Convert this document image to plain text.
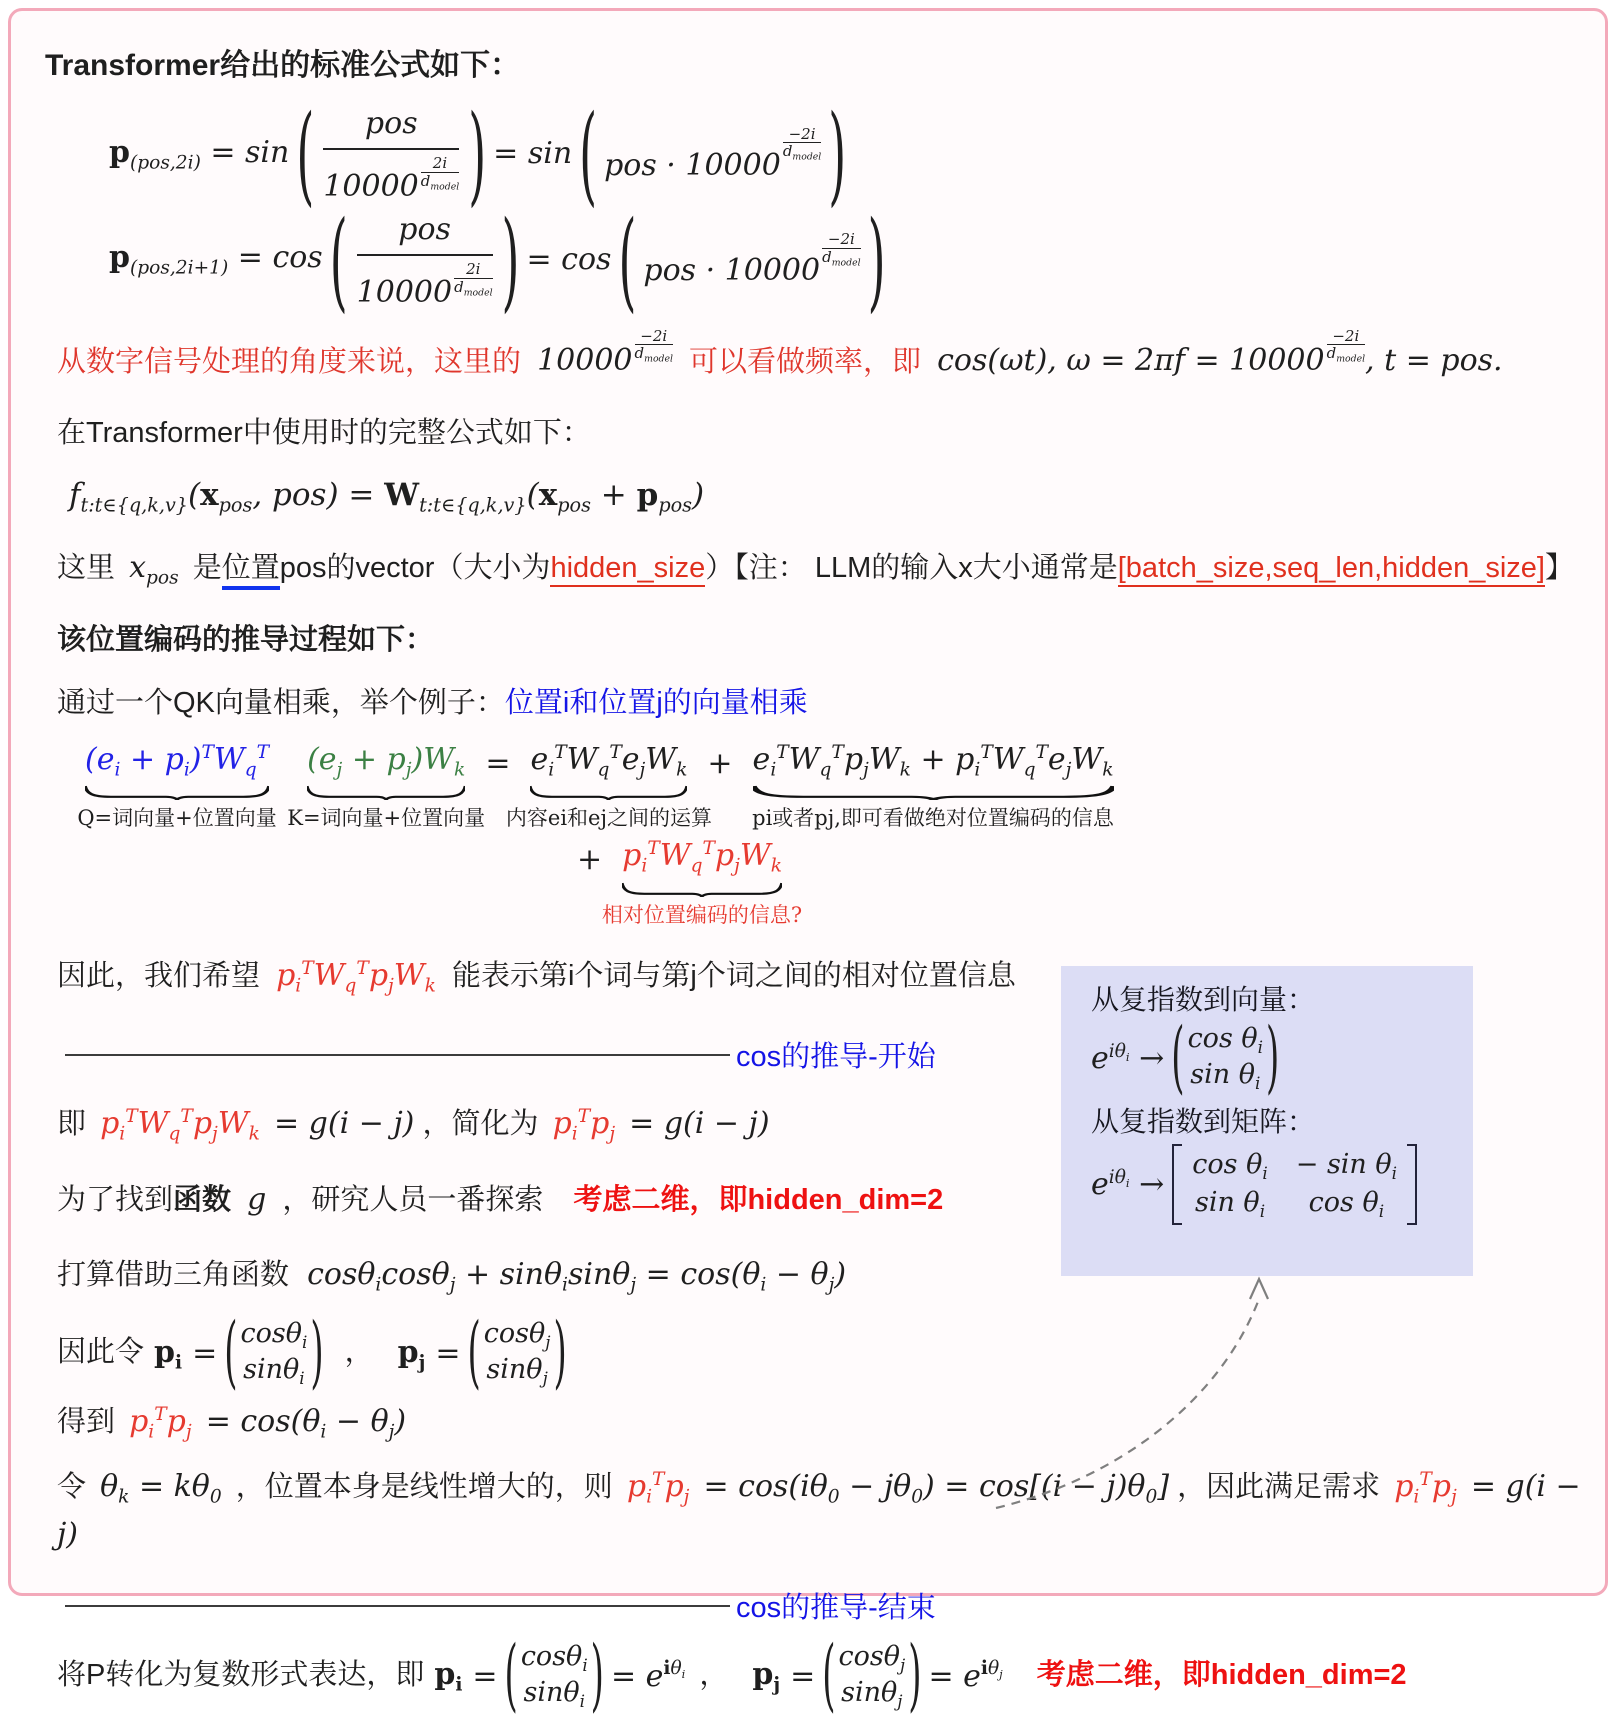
Transformer给出的标准公式如下：
$p_{(pos,2i)} = \sin$ ( pos
10000
2i
$d_{model}$ ) = sin ( pos · 10000
−2i
$d_{model}$ )
$p_{(pos,2i+1)} = \cos$ ( pos
10000
2i
$d_{model}$ ) = cos ( pos · 10000
−2i
$d_{model}$ )
从数字信号处理的角度来说，这里的 10000
−2i
$d_{model}$ 可以看做频率，即 cos(ωt), ω = 2πf = 10000
−2i
$d_{model}$ , t = pos.
在Transformer中使用时的完整公式如下：
$f_{t:t\in\{q,k,v\}}(x_{pos}$, $pos) = W_{t:t\in\{q,k,v\}}(x_{pos} + p_{pos})$
这里 $x_{pos}$ 是位置pos的vector（大小为hidden_size）【注： LLM的输入x大小通常是[batch_size,seq_len,hidden_size]】
该位置编码的推导过程如下：
通过一个QK向量相乘，举个例子：位置i和位置j的向量相乘
$(e_i + p_i)^TW_q^T$
Q=词向量+位置向量
$(e_j + p_j)W_k$
K=词向量+位置向量
= $e_i^TW_q^Te_jW_k$
内容ei和ej之间的运算
+ $e_i^TW_q^Tp_jW_k + p_i^TW_q^Te_jW_k$
pi或者pj,即可看做绝对位置编码的信息
+ $p_i^TW_q^Tp_jW_k$
相对位置编码的信息?
因此，我们希望 $p_i^TW_q^Tp_jW_k$ 能表示第i个词与第j个词之间的相对位置信息
cos的推导-开始
即 $p_i^TW_q^Tp_jW_k = g(i - j)$ ，简化为 $p_i^Tp_j = g(i - j)$
为了找到函数 g ，研究人员一番探索 考虑二维，即hidden_dim=2
打算借助三角函数 $\cos\theta_i\cos\theta_j + \sin\theta_i\sin\theta_j = \cos(\theta_i - \theta_j)$
因此令 $p_i$ = ( cosθ$_i$
sinθ$_i$ ) ， $p_j$ = ( cosθ$_j$
sinθ$_j$ )
得到 $p_i^Tp_j = \cos(\theta_i - \theta_j)$
令 $\theta_k = k\theta_0$ ，位置本身是线性增大的，则 $p_i^Tp_j = \cos(i\theta_0 - j\theta_0) = \cos[(i - j)\theta_0]$ ，因此满足需求 $p_i^Tp_j = g(i - j)$
cos的推导-结束
将P转化为复数形式表达，即 $p_i$ = ( cosθ$_i$
sinθ$_i$ ) = $e^{i\theta_i}$ ， $p_j$ = ( cosθ$_j$
sinθ$_j$ ) = $e^{i\theta_j}$ 考虑二维，即hidden_dim=2
从复指数到向量：
$e^{i\theta_i}$ → ( $\cos \theta_i$
$\sin \theta_i$ )
从复指数到矩阵：
$e^{i\theta_i}$ →
$\cos \theta_i - \sin \theta_i$
$\sin \theta_i$	$\cos \theta_i$
